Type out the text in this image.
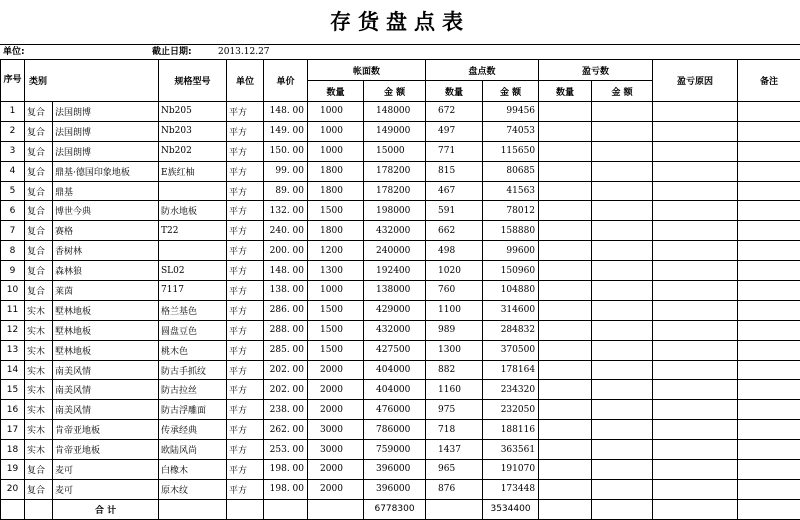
存货盘点表
单位:	截止日期:	2013.12.27
序号	类别		规格型号	单位	单价	帐面数		盘点数		盈亏数		盈亏原因	备注
						数量	金 额	数量	金 额	数量	金 额		
1	复合	法国朗博	Nb205	平方	148. 00	1000	148000	672	99456				
2	复合	法国朗博	Nb203	平方	149. 00	1000	149000	497	74053				
3	复合	法国朗博	Nb202	平方	150. 00	1000	15000	771	115650				
4	复合	鼎基·德国印象地板	E族红柚	平方	99. 00	1800	178200	815	80685				
5	复合	鼎基		平方	89. 00	1800	178200	467	41563				
6	复合	博世今典	防水地板	平方	132. 00	1500	198000	591	78012				
7	复合	赛格	T22	平方	240. 00	1800	432000	662	158880				
8	复合	香树林		平方	200. 00	1200	240000	498	99600				
9	复合	森林狼	SL02	平方	148. 00	1300	192400	1020	150960				
10	复合	莱茵	7117	平方	138. 00	1000	138000	760	104880				
11	实木	墅林地板	格兰基色	平方	286. 00	1500	429000	1100	314600				
12	实木	墅林地板	圆盘豆色	平方	288. 00	1500	432000	989	284832				
13	实木	墅林地板	桃木色	平方	285. 00	1500	427500	1300	370500				
14	实木	南美风情	防古手抓纹	平方	202. 00	2000	404000	882	178164				
15	实木	南美风情	防古拉丝	平方	202. 00	2000	404000	1160	234320				
16	实木	南美风情	防古浮雕面	平方	238. 00	2000	476000	975	232050				
17	实木	肯帝亚地板	传承经典	平方	262. 00	3000	786000	718	188116				
18	实木	肯帝亚地板	欧陆风尚	平方	253. 00	3000	759000	1437	363561				
19	复合	麦可	白橡木	平方	198. 00	2000	396000	965	191070				
20	复合	麦可	原木纹	平方	198. 00	2000	396000	876	173448				
		合 计					6778300		3534400				
